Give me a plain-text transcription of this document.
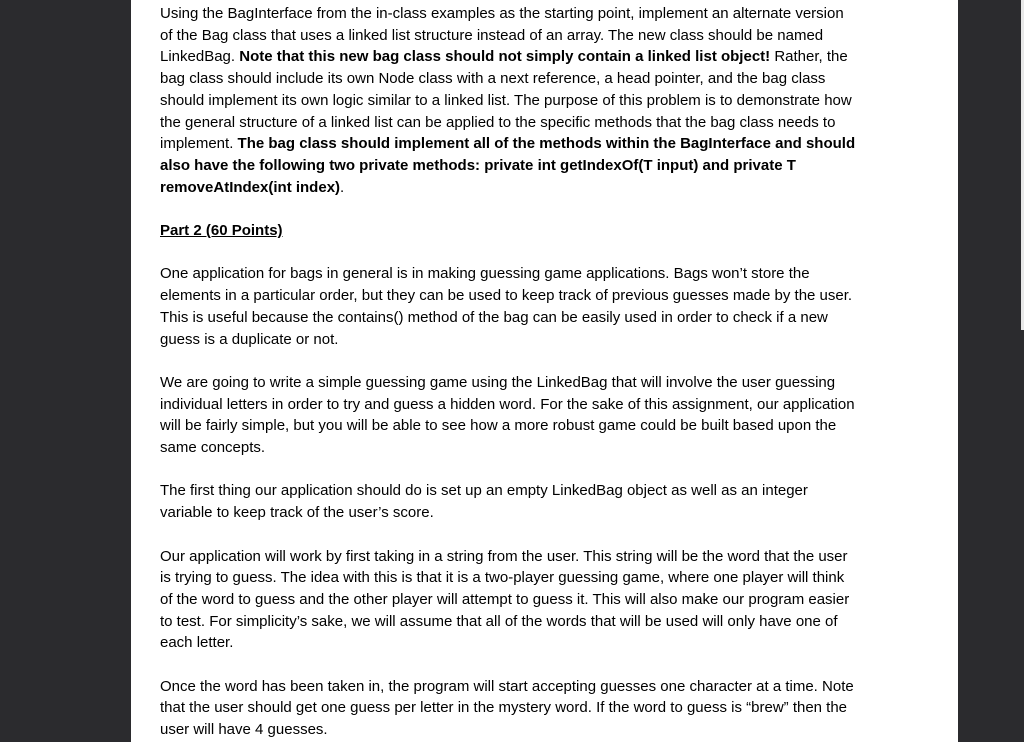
Using the BagInterface from the in-class examples as the starting point, implement an alternate version of the Bag class that uses a linked list structure instead of an array. The new class should be named LinkedBag. Note that this new bag class should not simply contain a linked list object! Rather, the bag class should include its own Node class with a next reference, a head pointer, and the bag class should implement its own logic similar to a linked list. The purpose of this problem is to demonstrate how the general structure of a linked list can be applied to the specific methods that the bag class needs to implement. The bag class should implement all of the methods within the BagInterface and should also have the following two private methods: private int getIndexOf(T input) and private T removeAtIndex(int index).

Part 2 (60 Points)

One application for bags in general is in making guessing game applications. Bags won’t store the elements in a particular order, but they can be used to keep track of previous guesses made by the user. This is useful because the contains() method of the bag can be easily used in order to check if a new guess is a duplicate or not.

We are going to write a simple guessing game using the LinkedBag that will involve the user guessing individual letters in order to try and guess a hidden word. For the sake of this assignment, our application will be fairly simple, but you will be able to see how a more robust game could be built based upon the same concepts.

The first thing our application should do is set up an empty LinkedBag object as well as an integer variable to keep track of the user’s score.

Our application will work by first taking in a string from the user. This string will be the word that the user is trying to guess. The idea with this is that it is a two-player guessing game, where one player will think of the word to guess and the other player will attempt to guess it. This will also make our program easier to test. For simplicity’s sake, we will assume that all of the words that will be used will only have one of each letter.

Once the word has been taken in, the program will start accepting guesses one character at a time. Note that the user should get one guess per letter in the mystery word. If the word to guess is “brew” then the user will have 4 guesses.
